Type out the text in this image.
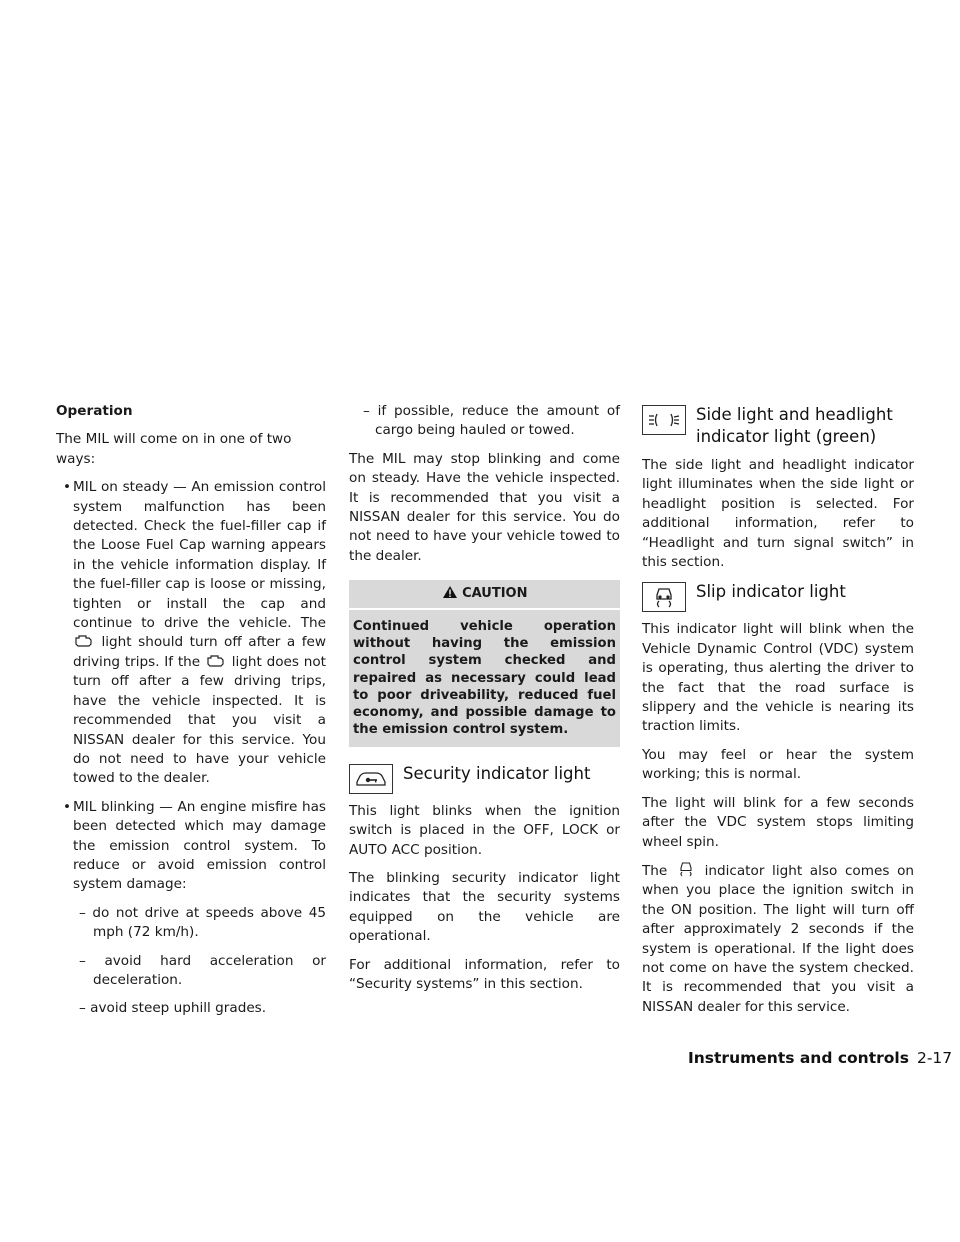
Operation

The MIL will come on in one of two ways:

• MIL on steady — An emission control system malfunction has been detected. Check the fuel-filler cap if the Loose Fuel Cap warning appears in the vehicle information display. If the fuel-filler cap is loose or missing, tighten or install the cap and continue to drive the vehicle. The  light should turn off after a few driving trips. If the light does not turn off after a few driving trips, have the vehicle inspected. It is recommended that you visit a NISSAN dealer for this service. You do not need to have your vehicle towed to the dealer.

• MIL blinking — An engine misfire has been detected which may damage the emission control system. To reduce or avoid emission control system damage:

– do not drive at speeds above 45 mph (72 km/h).

– avoid hard acceleration or deceleration.

– avoid steep uphill grades.

– if possible, reduce the amount of cargo being hauled or towed.

The MIL may stop blinking and come on steady. Have the vehicle inspected. It is recommended that you visit a NISSAN dealer for this service. You do not need to have your vehicle towed to the dealer.

CAUTION
Continued vehicle operation without having the emission control system checked and repaired as necessary could lead to poor driveability, reduced fuel economy, and possible damage to the emission control system.
Security indicator light

This light blinks when the ignition switch is placed in the OFF, LOCK or AUTO ACC position.

The blinking security indicator light indicates that the security systems equipped on the vehicle are operational.

For additional information, refer to “Security systems” in this section.

Side light and headlight indicator light (green)

The side light and headlight indicator light illuminates when the side light or headlight position is selected. For additional information, refer to “Headlight and turn signal switch” in this section.

Slip indicator light

This indicator light will blink when the Vehicle Dynamic Control (VDC) system is operating, thus alerting the driver to the fact that the road surface is slippery and the vehicle is nearing its traction limits.

You may feel or hear the system working; this is normal.

The light will blink for a few seconds after the VDC system stops limiting wheel spin.

The	indicator light also comes on when you place the ignition switch in the ON position. The light will turn off after approximately 2 seconds if the system is operational. If the light does not come on have the system checked. It is recommended that you visit a NISSAN dealer for this service.

Instruments and controls 2-17
